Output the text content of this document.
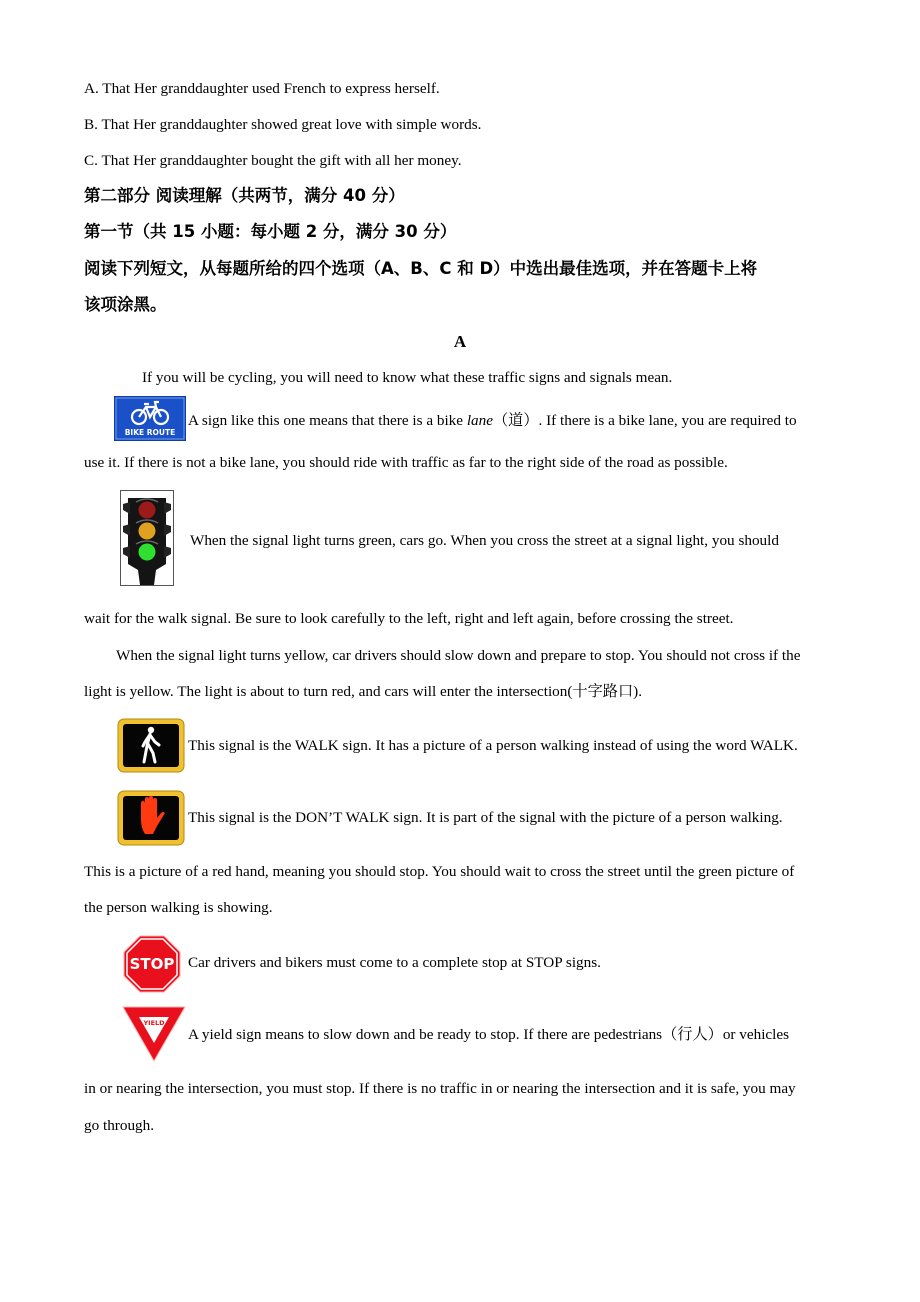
A. That Her granddaughter used French to express herself.
B. That Her granddaughter showed great love with simple words.
C. That Her granddaughter bought the gift with all her money.
第二部分 阅读理解（共两节，满分 40 分）
第一节（共 15 小题：每小题 2 分，满分 30 分）
阅读下列短文，从每题所给的四个选项（A、B、C 和 D）中选出最佳选项，并在答题卡上将
该项涂黑。
A
If you will be cycling, you will need to know what these traffic signs and signals mean.
BIKE ROUTE
A sign like this one means that there is a bike lane（道）. If there is a bike lane, you are required to
use it. If there is not a bike lane, you should ride with traffic as far to the right side of the road as possible.
When the signal light turns green, cars go. When you cross the street at a signal light, you should
wait for the walk signal. Be sure to look carefully to the left, right and left again, before crossing the street.
When the signal light turns yellow, car drivers should slow down and prepare to stop. You should not cross if the
light is yellow. The light is about to turn red, and cars will enter the intersection(十字路口).
This signal is the WALK sign. It has a picture of a person walking instead of using the word WALK.
This signal is the DON’T WALK sign. It is part of the signal with the picture of a person walking.
This is a picture of a red hand, meaning you should stop. You should wait to cross the street until the green picture of
the person walking is showing.
STOP Car drivers and bikers must come to a complete stop at STOP signs.
YIELD
A yield sign means to slow down and be ready to stop. If there are pedestrians（行人）or vehicles
in or nearing the intersection, you must stop. If there is no traffic in or nearing the intersection and it is safe, you may
go through.
